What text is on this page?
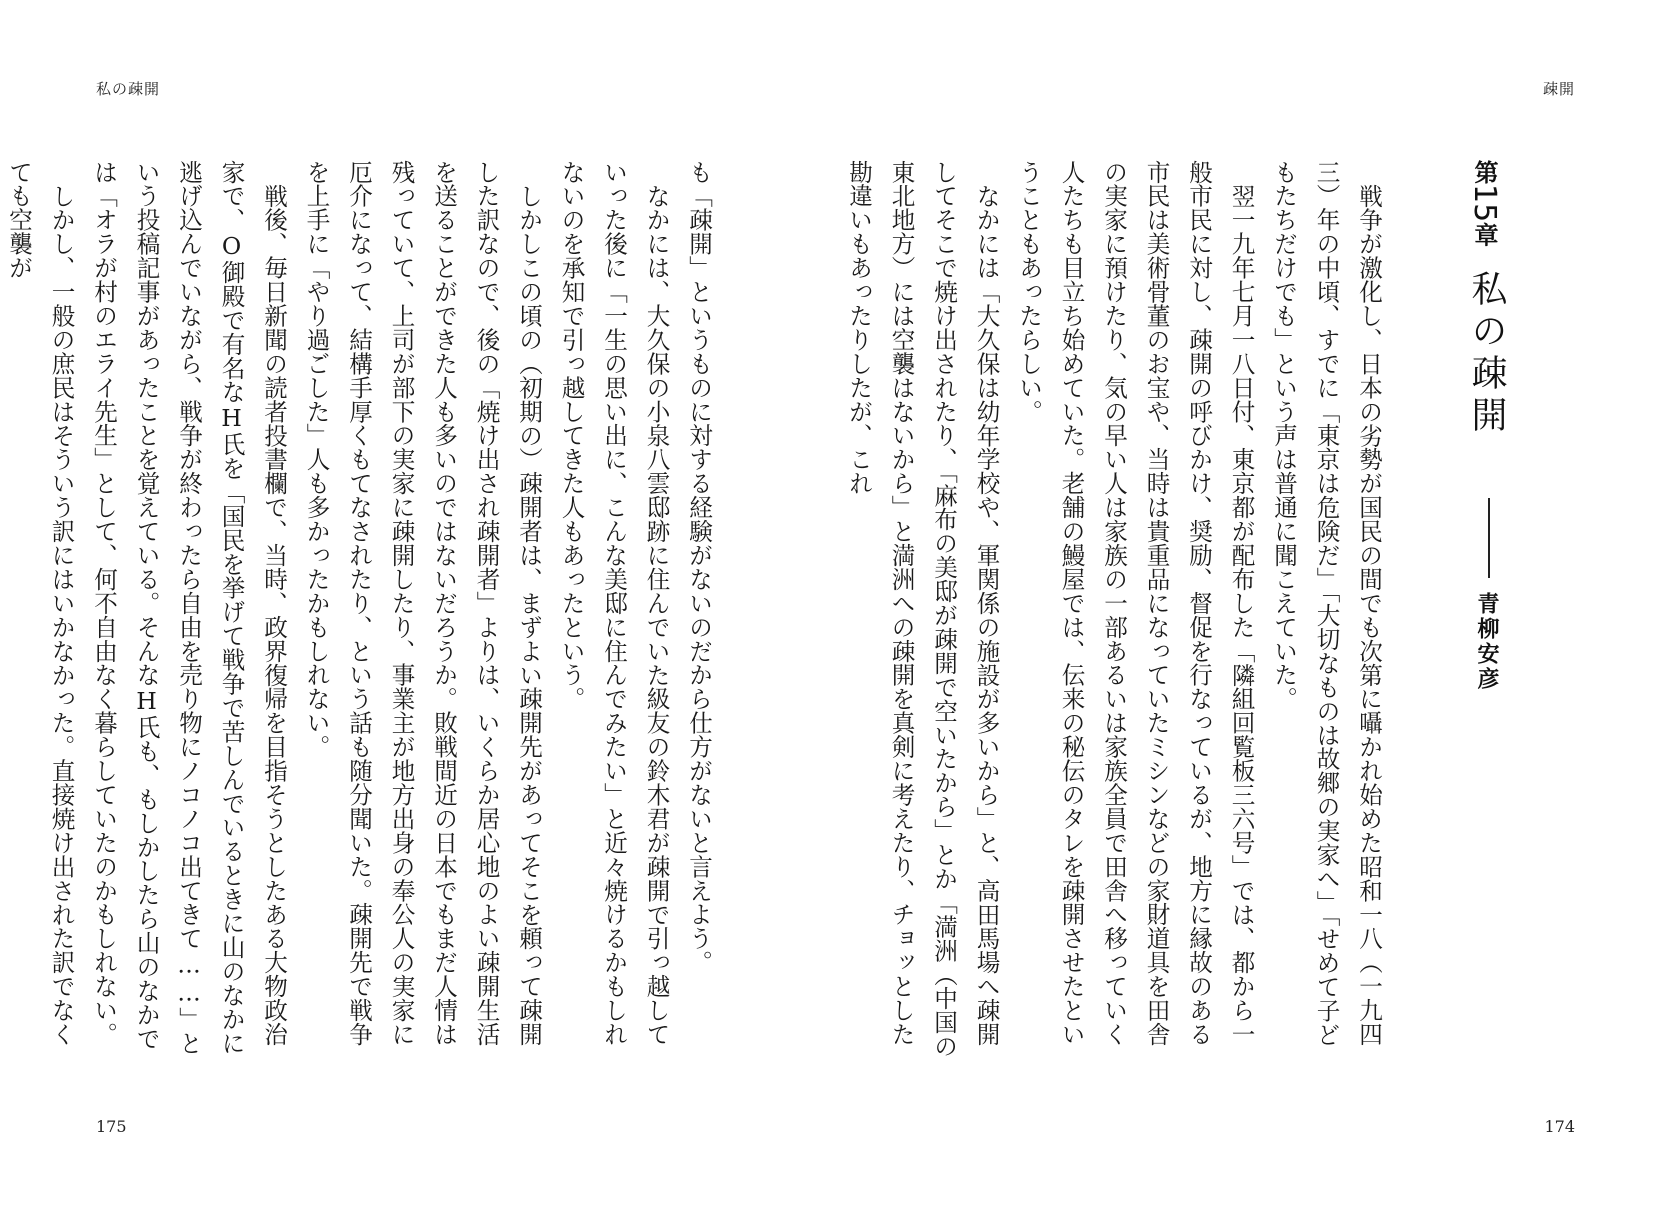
私の疎開	疎開
第15章
私の疎開
青柳安彦

戦争が激化し、日本の劣勢が国民の間でも次第に囁かれ始めた昭和一八（一九四三）年の中頃、すでに「東京は危険だ」「大切なものは故郷の実家へ」「せめて子どもたちだけでも」という声は普通に聞こえていた。

翌一九年七月一八日付、東京都が配布した「隣組回覧板三六号」では、都から一般市民に対し、疎開の呼びかけ、奨励、督促を行なっているが、地方に縁故のある市民は美術骨董のお宝や、当時は貴重品になっていたミシンなどの家財道具を田舎の実家に預けたり、気の早い人は家族の一部あるいは家族全員で田舎へ移っていく人たちも目立ち始めていた。老舗の鰻屋では、伝来の秘伝のタレを疎開させたということもあったらしい。

なかには「大久保は幼年学校や、軍関係の施設が多いから」と、高田馬場へ疎開してそこで焼け出されたり、「麻布の美邸が疎開で空いたから」とか「満洲（中国の東北地方）には空襲はないから」と満洲への疎開を真剣に考えたり、チョッとした勘違いもあったりしたが、これ

も「疎開」というものに対する経験がないのだから仕方がないと言えよう。

なかには、大久保の小泉八雲邸跡に住んでいた級友の鈴木君が疎開で引っ越していった後に「一生の思い出に、こんな美邸に住んでみたい」と近々焼けるかもしれないのを承知で引っ越してきた人もあったという。

しかしこの頃の（初期の）疎開者は、まずよい疎開先があってそこを頼って疎開した訳なので、後の「焼け出され疎開者」よりは、いくらか居心地のよい疎開生活を送ることができた人も多いのではないだろうか。敗戦間近の日本でもまだ人情は残っていて、上司が部下の実家に疎開したり、事業主が地方出身の奉公人の実家に厄介になって、結構手厚くもてなされたり、という話も随分聞いた。疎開先で戦争を上手に「やり過ごした」人も多かったかもしれない。

戦後、毎日新聞の読者投書欄で、当時、政界復帰を目指そうとしたある大物政治家で、O御殿で有名なH氏を「国民を挙げて戦争で苦しんでいるときに山のなかに逃げ込んでいながら、戦争が終わったら自由を売り物にノコノコ出てきて……」という投稿記事があったことを覚えている。そんなH氏も、もしかしたら山のなかでは「オラが村のエライ先生」として、何不自由なく暮らしていたのかもしれない。

しかし、一般の庶民はそういう訳にはいかなかった。直接焼け出された訳でなくても空襲が

175	174
